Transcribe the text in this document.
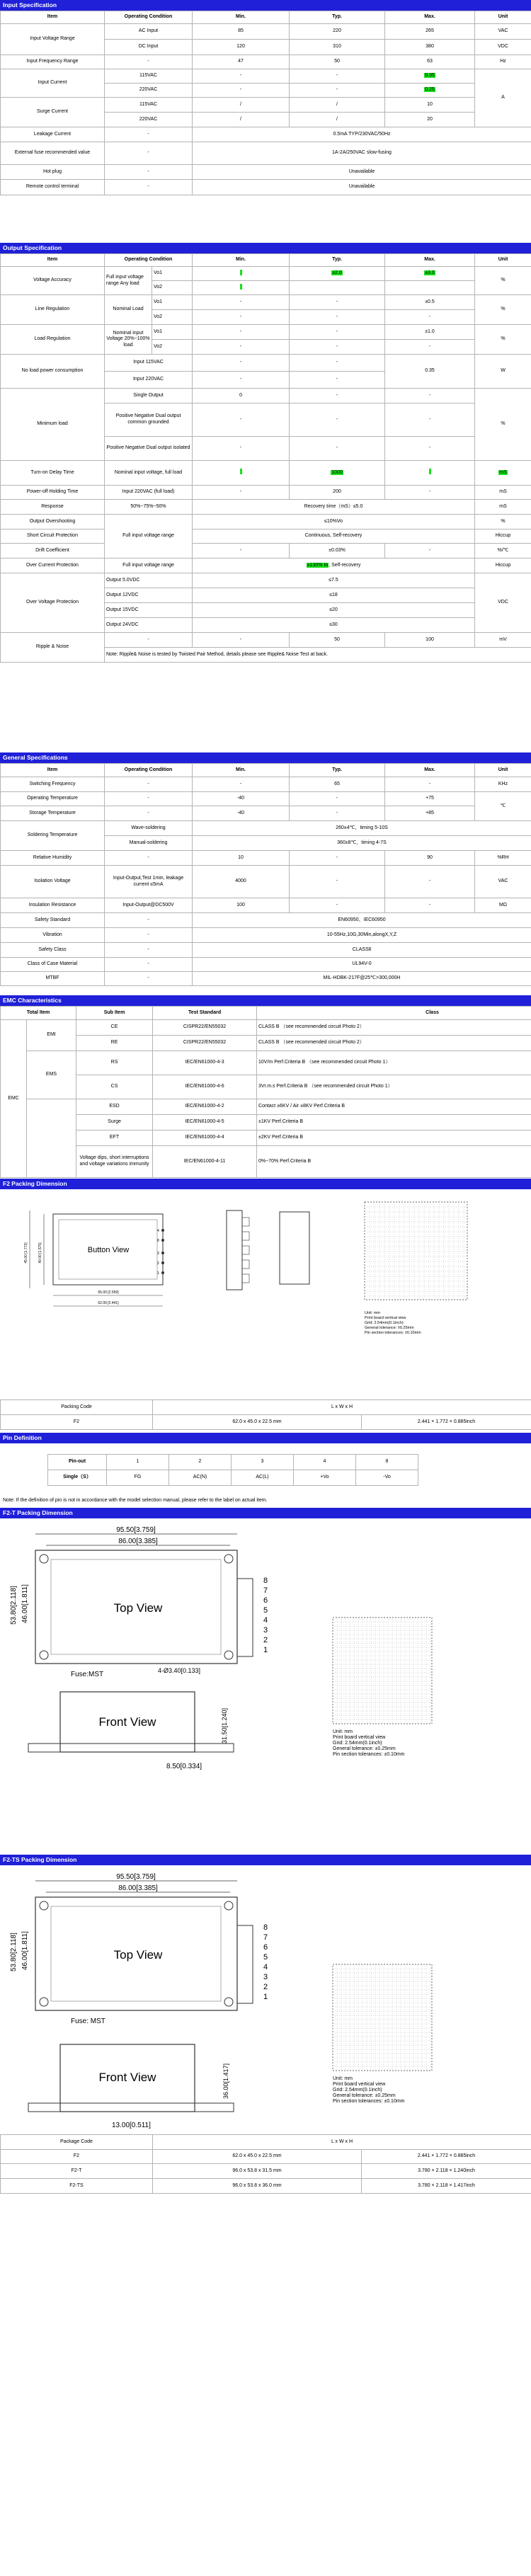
Input Specification
Item	Operating Condition	Min.	Typ.	Max.	Unit
Input Voltage Range	AC Input	85	220	265	VAC
	DC Input	120	310	380	VDC
Input Frequency Range	-	47	50	63	Hz
Input Current	115VAC	-	-	0.35	A
	220VAC	-	-	0.25	
Surge Current	115VAC	/	/	10	
	220VAC	/	/	20	
Leakage Current	-	0.5mA TYP/230VAC/50Hz			
External fuse recommended value	-	1A-2A/250VAC slow-fusing			
Hot plug	-	Unavailable			
Remote control terminal	-	Unavailable			
Output Specification
Item	Operating Condition		Min.	Typ.	Max.	Unit
Voltage Accuracy	Full input voltage range Any load	Vo1		±2.0	±3.0	%
		Vo2				
Line Regulation	Nominal Load	Vo1	-	-	±0.5	%
		Vo2	-	-	-	
Load Regulation	Nominal input Voltage 20%~100% load	Vo1	-	-	±1.0	%
		Vo2	-	-	-	
No load power consumption	Input 115VAC		-	-	0.35	W
	Input 220VAC		-	-		
Minimum load	Single Output		0	-	-	%
	Positive Negative Dual output common grounded		-	-	-	
	Positive Negative Dual output isolated		-	-	-	
Turn-on Delay Time	Nominal input voltage, full load			1000		mS
Power-off Holding Time	Input 220VAC (full load)		-	200	-	mS
Response	50%~75%~50%		Recovery time（mS）≤5.0			mS
Output Overshooting	Full input voltage range		≤10%Vo			%
Short Circuit Protection			Continuous, Self-recovery			Hiccup
Drift Coefficient			-	±0.03%	-	%/℃
Over Current Protection	Full input voltage range		≥130% Io, Self-recovery			Hiccup
Over Voltage Protection	Output 5.0VDC		≤7.5			VDC
	Output 12VDC		≤18			
	Output 15VDC		≤20			
	Output 24VDC		≤30			
Ripple & Noise	-		-	50	100	mV
	Note: Ripple& Noise is tested by Twisted Pair Method, details please see Ripple& Noise Test at back.					
General Specifications
Item	Operating Condition	Min.	Typ.	Max.	Unit
Switching Frequency	-	-	65	-	KHz
Operating Temperature	-	-40	-	+75	℃
Storage Temperature	-	-40	-	+85	
Soldering Temperature	Wave-soldering	260±4℃，timing 5-10S			
	Manual-soldering	360±8℃，timing 4-7S			
Relative Humidity	-	10	-	90	%RH
Isolation Voltage	Input-Output,Test 1min, leakage current ≤5mA	4000	-	-	VAC
Insulation Resistance	Input-Output@DC500V	100	-	-	MΩ
Safety Standard	-	EN60950、IEC60950			
Vibration	-	10-55Hz,10G,30Min,alongX,Y,Z			
Safety Class	-	CLASSⅡ			
Class of Case Material	-	UL94V-0			
MTBF	-	MIL-HDBK-217F@25℃>300,000H			
EMC Characteristics
Total Item		Sub Item	Test Standard	Class
EMC	EMI	CE	CISPR22/EN55032	CLASS B （see recommended circuit Photo 2）
		RE	CISPR22/EN55032	CLASS B （see recommended circuit Photo 2）
	EMS	RS	IEC/EN61000-4-3	10V/m Perf.Criteria B （see recommended circuit Photo 1）
		CS	IEC/EN61000-4-6	3Vr.m.s Perf.Criteria B （see recommended circuit Photo 1）
		ESD	IEC/EN61000-4-2	Contact ±6KV / Air ±8KV Perf.Criteria B
		Surge	IEC/EN61000-4-5	±1KV Perf.Criteria B
		EFT	IEC/EN61000-4-4	±2KV Perf.Criteria B
		Voltage dips, short interruptions and voltage variations immunity	IEC/EN61000-4-11	0%~70% Perf.Criteria B
F2 Packing Dimension
Button View
65.00 [2.559]
40.00 [1.575]
45.00 [1.772]
62.00 [2.441]
4
8
3
2
1
Unit: mm
Print board vertical view
Grid: 2.54mm(0.1inch)
General tolerance: ±0.25mm
Pin section tolerances: ±0.10mm
Packing Code	L x W x H	
F2	62.0 x 45.0 x 22.5 mm	2.441 × 1.772 × 0.885inch
Pin Definition
Pin-out	1	2	3	4	8
Single（S）	FG	AC(N)	AC(L)	+Vo	-Vo
Note: If the definition of pin is not in accordance with the model selection manual, please refer to the label on actual item.
F2-T Packing Dimension
95.50[3.759]
86.00[3.385]
Top View
53.80[2.118] 46.00[1.811]
4-Ø3.40[0.133]
Fuse:MST
8
7
6
5
4
3
2
1
Front View	31.50[1.240]
8.50[0.334]
Unit: mm
Print board vertical view
Grid: 2.54mm(0.1inch)
General tolerance: ±0.25mm
Pin section tolerances: ±0.10mm
F2-TS Packing Dimension
95.50[3.759]
86.00[3.385]
Top View
53.80[2.118] 46.00[1.811]
Fuse: MST
8
7
6
5
4
3
2
1
Front View	36.00[1.417]
13.00[0.511]
Unit: mm
Print board vertical view
Grid: 2.54mm(0.1inch)
General tolerance: ±0.25mm
Pin section tolerances: ±0.10mm
Package Code	L x W x H	
F2	62.0 x 45.0 x 22.5 mm	2.441 × 1.772 × 0.885inch
F2-T	96.0 x 53.8 x 31.5 mm	3.780 × 2.118 × 1.240inch
F2-TS	96.0 x 53.8 x 36.0 mm	3.780 × 2.118 × 1.417inch
